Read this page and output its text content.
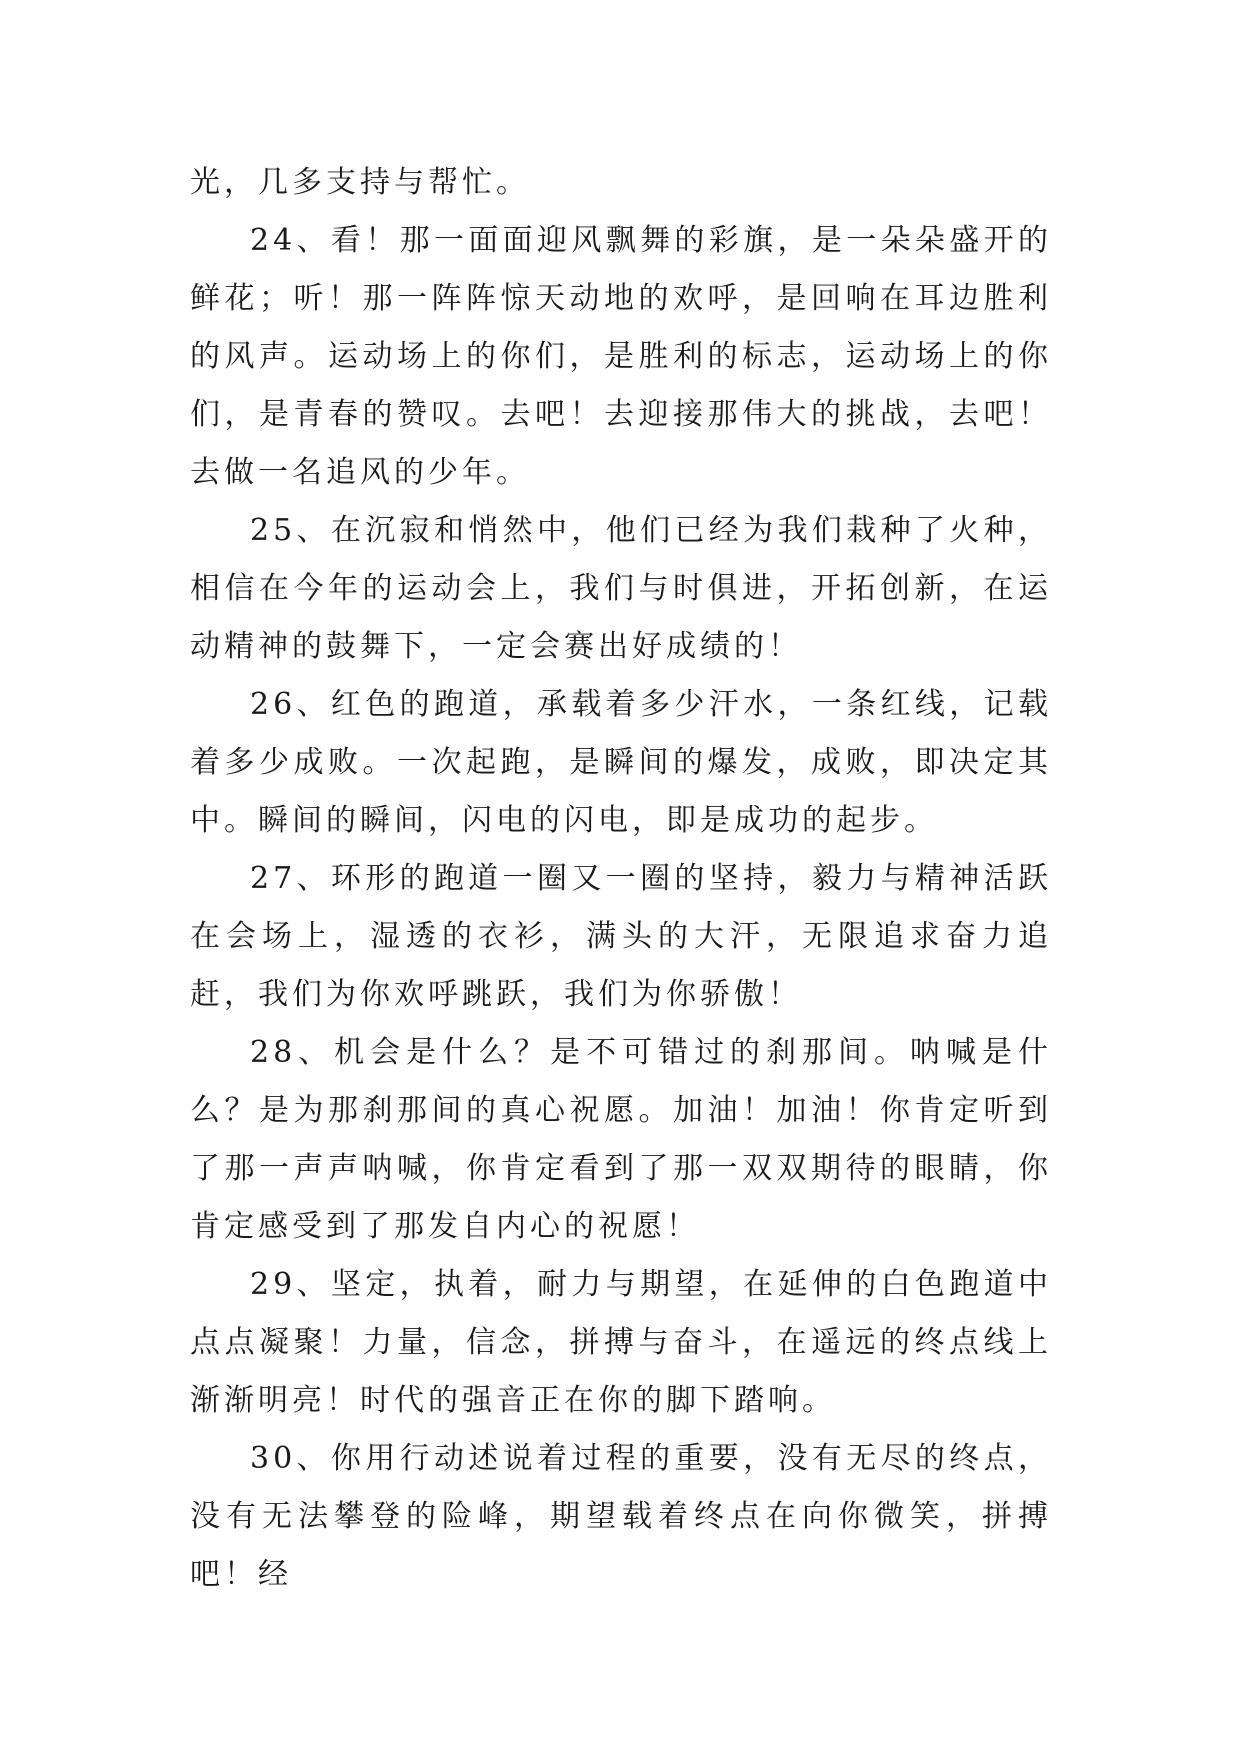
光，几多支持与帮忙。

24、看！那一面面迎风飘舞的彩旗，是一朵朵盛开的鲜花；听！那一阵阵惊天动地的欢呼，是回响在耳边胜利的风声。运动场上的你们，是胜利的标志，运动场上的你们，是青春的赞叹。去吧！去迎接那伟大的挑战，去吧！去做一名追风的少年。

25、在沉寂和悄然中，他们已经为我们栽种了火种，相信在今年的运动会上，我们与时俱进，开拓创新，在运动精神的鼓舞下，一定会赛出好成绩的！

26、红色的跑道，承载着多少汗水，一条红线，记载着多少成败。一次起跑，是瞬间的爆发，成败，即决定其中。瞬间的瞬间，闪电的闪电，即是成功的起步。

27、环形的跑道一圈又一圈的坚持，毅力与精神活跃在会场上，湿透的衣衫，满头的大汗，无限追求奋力追赶，我们为你欢呼跳跃，我们为你骄傲！

28、机会是什么？是不可错过的刹那间。呐喊是什么？是为那刹那间的真心祝愿。加油！加油！你肯定听到了那一声声呐喊，你肯定看到了那一双双期待的眼睛，你肯定感受到了那发自内心的祝愿！

29、坚定，执着，耐力与期望，在延伸的白色跑道中点点凝聚！力量，信念，拼搏与奋斗，在遥远的终点线上渐渐明亮！时代的强音正在你的脚下踏响。

30、你用行动述说着过程的重要，没有无尽的终点，没有无法攀登的险峰，期望载着终点在向你微笑，拼搏吧！经
